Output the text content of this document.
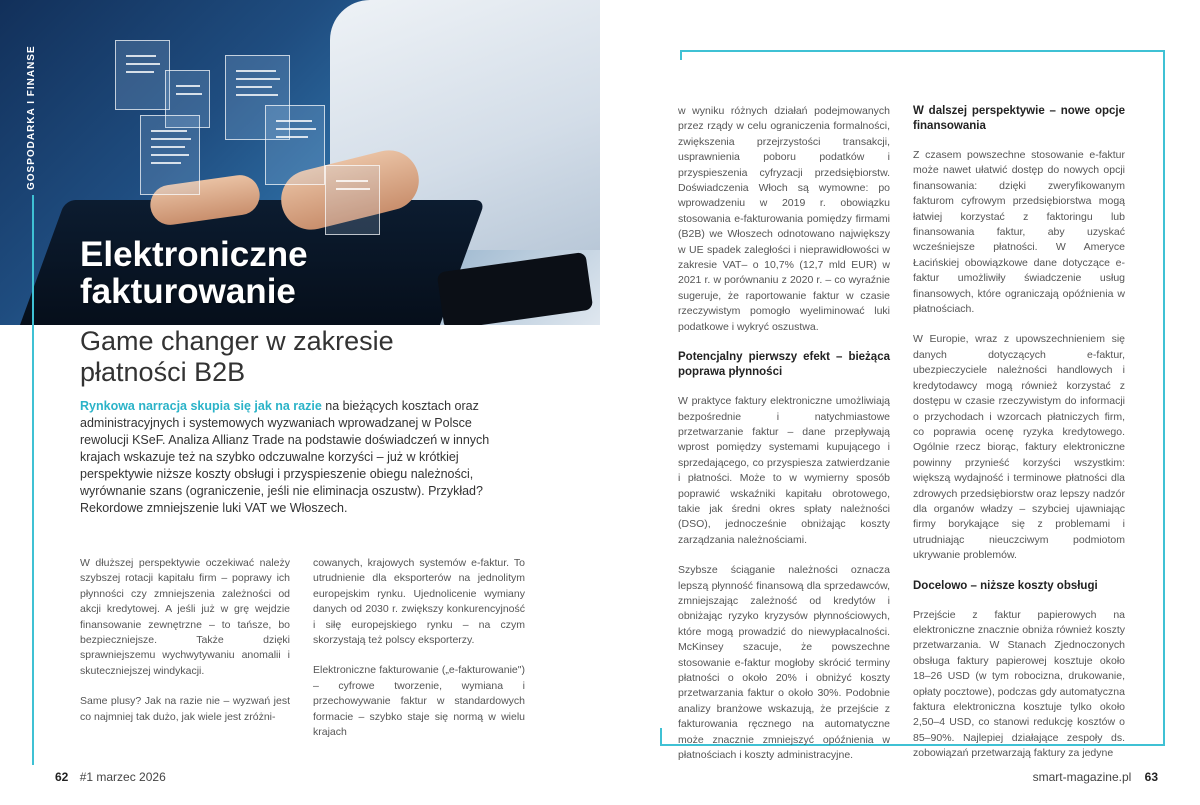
GOSPODARKA I FINANSE
Elektroniczne fakturowanie
Game changer w zakresie płatności B2B

Rynkowa narracja skupia się jak na razie na bieżących kosztach oraz administracyjnych i systemowych wyzwaniach wprowadzanej w Polsce rewolucji KSeF. Analiza Allianz Trade na podstawie doświadczeń w innych krajach wskazuje też na szybko odczuwalne korzyści – już w krótkiej perspektywie niższe koszty obsługi i przyspieszenie obiegu należności, wyrównanie szans (ograniczenie, jeśli nie eliminacja oszustw). Przykład? Rekordowe zmniejszenie luki VAT we Włoszech.

W dłuższej perspektywie oczekiwać należy szybszej rotacji kapitału firm – poprawy ich płynności czy zmniejszenia zależności od akcji kredytowej. A jeśli już w grę wejdzie finansowanie zewnętrzne – to tańsze, bo bezpieczniejsze. Także dzięki sprawniejszemu wychwytywaniu anomalii i skuteczniejszej windykacji.

Same plusy? Jak na razie nie – wyzwań jest co najmniej tak dużo, jak wiele jest zróżni-

cowanych, krajowych systemów e-faktur. To utrudnienie dla eksporterów na jednolitym europejskim rynku. Ujednolicenie wymiany danych od 2030 r. zwiększy konkurencyjność i siłę europejskiego rynku – na czym skorzystają też polscy eksporterzy.

Elektroniczne fakturowanie („e-fakturowanie") – cyfrowe tworzenie, wymiana i przechowywanie faktur w standardowych formacie – szybko staje się normą w wielu krajach

62 #1 marzec 2026

w wyniku różnych działań podejmowanych przez rządy w celu ograniczenia formalności, zwiększenia przejrzystości transakcji, usprawnienia poboru podatków i przyspieszenia cyfryzacji przedsiębiorstw. Doświadczenia Włoch są wymowne: po wprowadzeniu w 2019 r. obowiązku stosowania e-fakturowania pomiędzy firmami (B2B) we Włoszech odnotowano największy w UE spadek zaległości i nieprawidłowości w zakresie VAT– o 10,7% (12,7 mld EUR) w 2021 r. w porównaniu z 2020 r. – co wyraźnie sugeruje, że raportowanie faktur w czasie rzeczywistym pomogło wyeliminować luki podatkowe i wykryć oszustwa.

Potencjalny pierwszy efekt – bieżąca poprawa płynności

W praktyce faktury elektroniczne umożliwiają bezpośrednie i natychmiastowe przetwarzanie faktur – dane przepływają wprost pomiędzy systemami kupującego i sprzedającego, co przyspiesza zatwierdzanie i płatności. Może to w wymierny sposób poprawić wskaźniki kapitału obrotowego, takie jak średni okres spłaty należności (DSO), jednocześnie obniżając koszty zarządzania należnościami.

Szybsze ściąganie należności oznacza lepszą płynność finansową dla sprzedawców, zmniejszając zależność od kredytów i obniżając ryzyko kryzysów płynnościowych, które mogą prowadzić do niewypłacalności. McKinsey szacuje, że powszechne stosowanie e-faktur mogłoby skrócić terminy płatności o około 20% i obniżyć koszty przetwarzania faktur o około 30%. Podobnie analizy branżowe wskazują, że przejście z fakturowania ręcznego na automatyczne może znacznie zmniejszyć opóźnienia w płatnościach i koszty administracyjne.

W dalszej perspektywie – nowe opcje finansowania

Z czasem powszechne stosowanie e-faktur może nawet ułatwić dostęp do nowych opcji finansowania: dzięki zweryfikowanym fakturom cyfrowym przedsiębiorstwa mogą łatwiej korzystać z faktoringu lub finansowania faktur, aby uzyskać wcześniejsze płatności. W Ameryce Łacińskiej obowiązkowe dane dotyczące e-faktur umożliwiły świadczenie usług finansowych, które ograniczają opóźnienia w płatnościach.

W Europie, wraz z upowszechnieniem się danych dotyczących e-faktur, ubezpieczyciele należności handlowych i kredytodawcy mogą również korzystać z dostępu w czasie rzeczywistym do informacji o przychodach i wzorcach płatniczych firm, co poprawia ocenę ryzyka kredytowego. Ogólnie rzecz biorąc, faktury elektroniczne powinny przynieść korzyści wszystkim: większą wydajność i terminowe płatności dla zdrowych przedsiębiorstw oraz lepszy nadzór dla organów władzy – szybciej ujawniając firmy borykające się z problemami i utrudniając nieuczciwym podmiotom ukrywanie problemów.

Docelowo – niższe koszty obsługi

Przejście z faktur papierowych na elektroniczne znacznie obniża również koszty przetwarzania. W Stanach Zjednoczonych obsługa faktury papierowej kosztuje około 18–26 USD (w tym robocizna, drukowanie, opłaty pocztowe), podczas gdy automatyczna faktura elektroniczna kosztuje tylko około 2,50–4 USD, co stanowi redukcję kosztów o 85–90%. Najlepiej działające zespoły ds. zobowiązań przetwarzają faktury za jedyne

smart-magazine.pl 63
